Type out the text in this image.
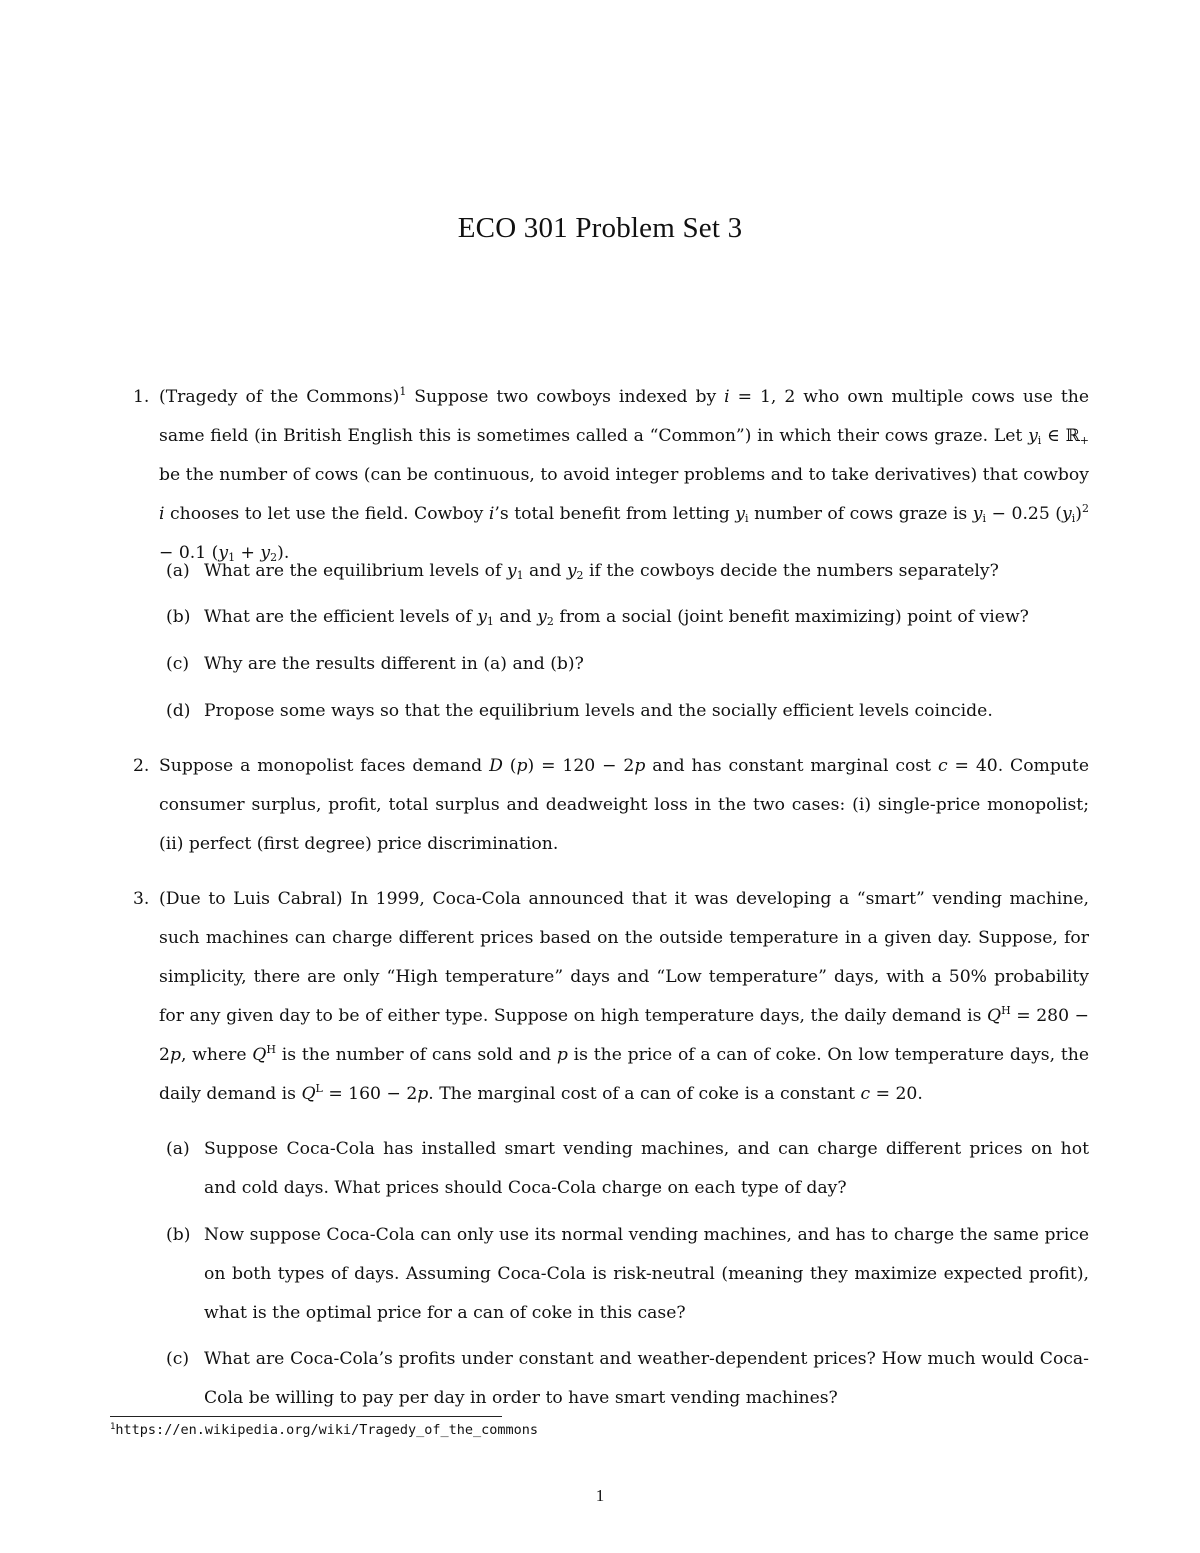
ECO 301 Problem Set 3
1. (Tragedy of the Commons)$^1$ Suppose two cowboys indexed by i = 1, 2 who own multiple cows use the same field (in British English this is sometimes called a “Common”) in which their cows graze. Let $y_i$ ∈ ℝ$_+$ be the number of cows (can be continuous, to avoid integer problems and to take derivatives) that cowboy i chooses to let use the field. Cowboy i’s total benefit from letting $y_i$ number of cows graze is $y_i - 0.25$ $(y_i)^2 - 0.1$ $(y_1 + y_2)$.
(a) What are the equilibrium levels of $y_1$ and $y_2$ if the cowboys decide the numbers separately?
(b) What are the efficient levels of $y_1$ and $y_2$ from a social (joint benefit maximizing) point of view?
(c) Why are the results different in (a) and (b)?
(d) Propose some ways so that the equilibrium levels and the socially efficient levels coincide.
2. Suppose a monopolist faces demand D (p) = 120 − 2p and has constant marginal cost c = 40. Compute consumer surplus, profit, total surplus and deadweight loss in the two cases: (i) single-price monopolist; (ii) perfect (first degree) price discrimination.
3. (Due to Luis Cabral) In 1999, Coca-Cola announced that it was developing a “smart” vending machine, such machines can charge different prices based on the outside temperature in a given day. Suppose, for simplicity, there are only “High temperature” days and “Low temperature” days, with a 50% probability for any given day to be of either type. Suppose on high temperature days, the daily demand is $Q^H = 280 - 2p$, where $Q^H$ is the number of cans sold and p is the price of a can of coke. On low temperature days, the daily demand is $Q^L = 160 - 2p$. The marginal cost of a can of coke is a constant c = 20.
(a) Suppose Coca-Cola has installed smart vending machines, and can charge different prices on hot and cold days. What prices should Coca-Cola charge on each type of day?
(b) Now suppose Coca-Cola can only use its normal vending machines, and has to charge the same price on both types of days. Assuming Coca-Cola is risk-neutral (meaning they maximize expected profit), what is the optimal price for a can of coke in this case?
(c) What are Coca-Cola’s profits under constant and weather-dependent prices? How much would Coca-Cola be willing to pay per day in order to have smart vending machines?
$^1$https://en.wikipedia.org/wiki/Tragedy_of_the_commons
1
